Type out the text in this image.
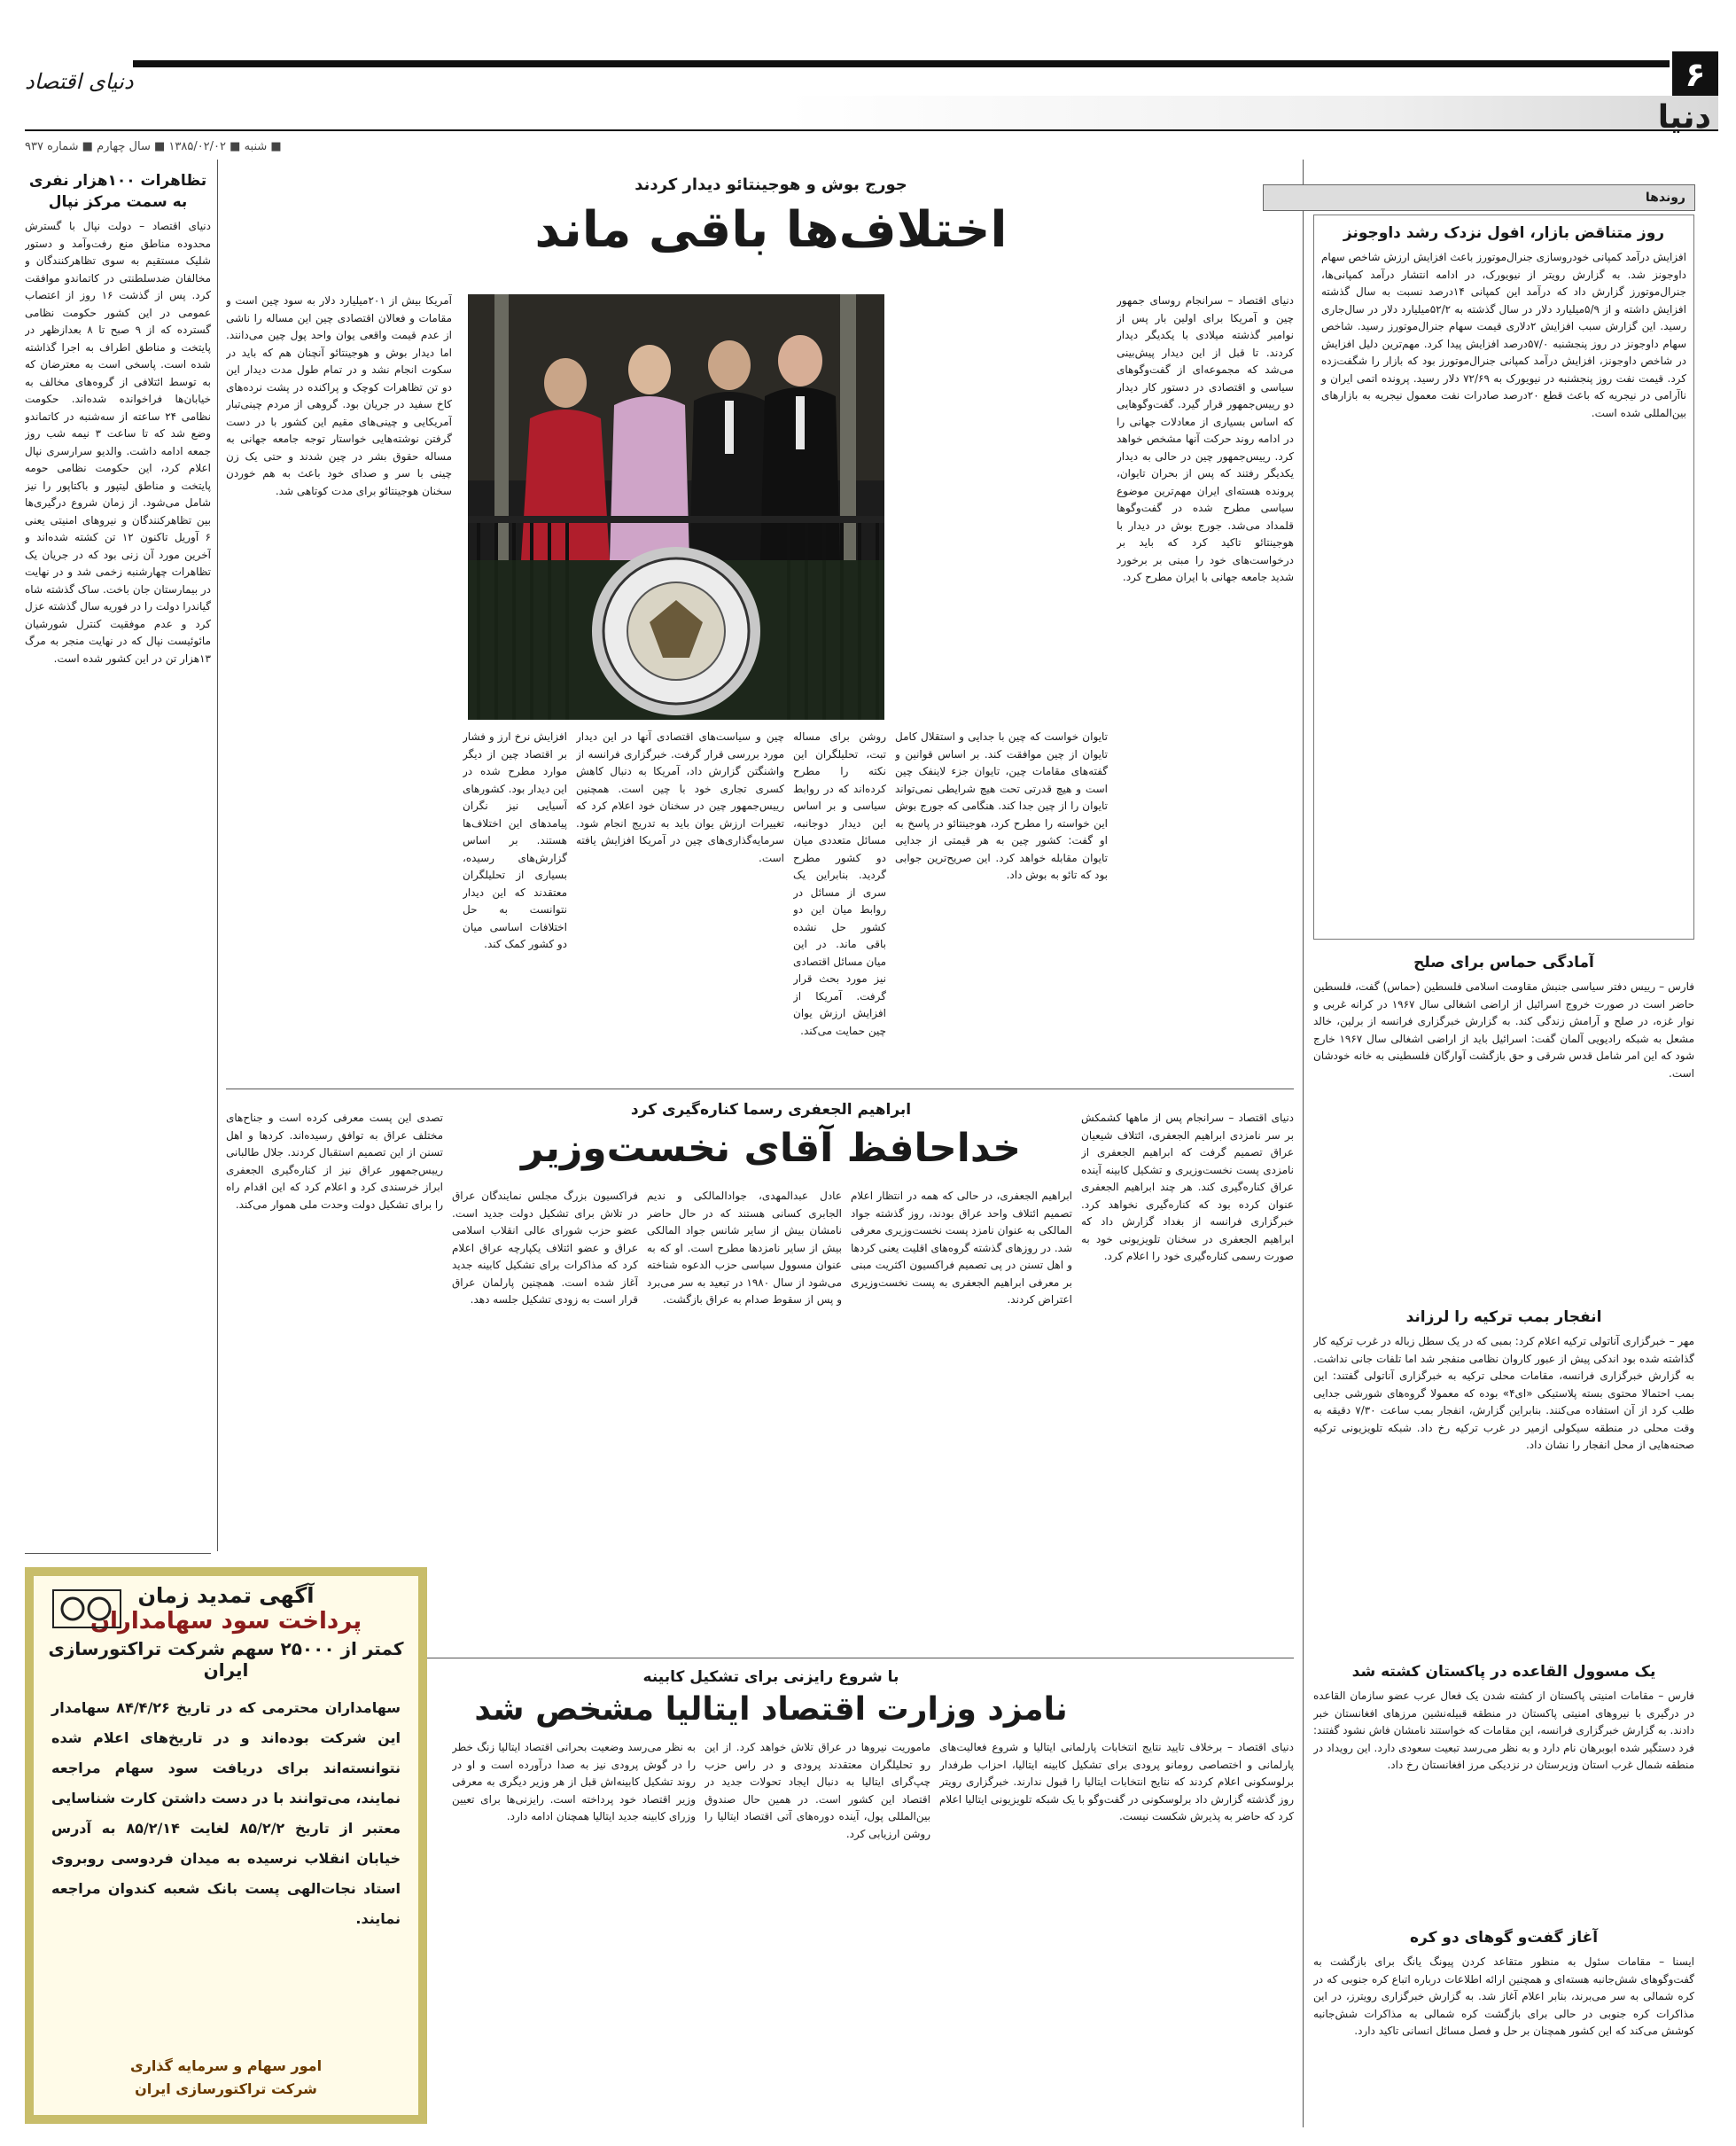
۶
دنیای اقتصاد
دنیا
■ شنبه ■ ۱۳۸۵/۰۲/۰۲ ■ سال چهارم ■ شماره ۹۳۷
جورج بوش و هوجینتائو دیدار کردند
اختلاف‌ها باقی ماند

دنیای اقتصاد – سرانجام روسای جمهور چین و آمریکا برای اولین بار پس از نوامبر گذشته میلادی با یکدیگر دیدار کردند. تا قبل از این دیدار پیش‌بینی می‌شد که مجموعه‌ای از گفت‌وگوهای سیاسی و اقتصادی در دستور کار دیدار دو رییس‌جمهور قرار گیرد. گفت‌وگوهایی که اساس بسیاری از معادلات جهانی را در ادامه روند حرکت آنها مشخص خواهد کرد. رییس‌جمهور چین در حالی به دیدار یکدیگر رفتند که پس از بحران تایوان، پرونده هسته‌ای ایران مهم‌ترین موضوع سیاسی مطرح شده در گفت‌وگوها قلمداد می‌شد. جورج بوش در دیدار با هوجینتائو تاکید کرد که باید بر درخواست‌های خود را مبنی بر برخورد شدید جامعه جهانی با ایران مطرح کرد.

آمریکا بیش از ۲۰۱میلیارد دلار به سود چین است و مقامات و فعالان اقتصادی چین این مساله را ناشی از عدم قیمت واقعی یوان واحد پول چین می‌دانند. اما دیدار بوش و هوجینتائو آنچنان هم که باید در سکوت انجام نشد و در تمام طول مدت دیدار این دو تن تظاهرات کوچک و پراکنده در پشت نرده‌های کاخ سفید در جریان بود. گروهی از مردم چینی‌تبار آمریکایی و چینی‌های مقیم این کشور با در دست گرفتن نوشته‌هایی خواستار توجه جامعه جهانی به مساله حقوق بشر در چین شدند و حتی یک زن چینی با سر و صدای خود باعث به هم خوردن سخنان هوجینتائو برای مدت کوتاهی شد.

تایوان خواست که چین با جدایی و استقلال کامل تایوان از چین موافقت کند. بر اساس قوانین و گفته‌های مقامات چین، تایوان جزء لاینفک چین است و هیچ قدرتی تحت هیچ شرایطی نمی‌تواند تایوان را از چین جدا کند. هنگامی که جورج بوش این خواسته را مطرح کرد، هوجینتائو در پاسخ به او گفت: کشور چین به هر قیمتی از جدایی تایوان مقابله خواهد کرد. این صریح‌ترین جوابی بود که تائو به بوش داد.

روشن برای مساله تبت، تحلیلگران این نکته را مطرح کرده‌اند که در روابط سیاسی و بر اساس این دیدار دوجانبه، مسائل متعددی میان دو کشور مطرح گردید. بنابراین یک سری از مسائل در روابط میان این دو کشور حل نشده باقی ماند. در این میان مسائل اقتصادی نیز مورد بحث قرار گرفت. آمریکا از افزایش ارزش یوان چین حمایت می‌کند.

چین و سیاست‌های اقتصادی آنها در این دیدار مورد بررسی قرار گرفت. خبرگزاری فرانسه از واشنگتن گزارش داد، آمریکا به دنبال کاهش کسری تجاری خود با چین است. همچنین رییس‌جمهور چین در سخنان خود اعلام کرد که تغییرات ارزش یوان باید به تدریج انجام شود. سرمایه‌گذاری‌های چین در آمریکا افزایش یافته است.

افزایش نرخ ارز و فشار بر اقتصاد چین از دیگر موارد مطرح شده در این دیدار بود. کشورهای آسیایی نیز نگران پیامدهای این اختلاف‌ها هستند. بر اساس گزارش‌های رسیده، بسیاری از تحلیلگران معتقدند که این دیدار نتوانست به حل اختلافات اساسی میان دو کشور کمک کند.

ابراهیم الجعفری رسما کناره‌گیری کرد
خداحافظ آقای نخست‌وزیر

دنیای اقتصاد – سرانجام پس از ماهها کشمکش بر سر نامزدی ابراهیم الجعفری، ائتلاف شیعیان عراق تصمیم گرفت که ابراهیم الجعفری از نامزدی پست نخست‌وزیری و تشکیل کابینه آینده عراق کناره‌گیری کند. هر چند ابراهیم الجعفری عنوان کرده بود که کناره‌گیری نخواهد کرد. خبرگزاری فرانسه از بغداد گزارش داد که ابراهیم الجعفری در سخنان تلویزیونی خود به صورت رسمی کناره‌گیری خود را اعلام کرد.

ابراهیم الجعفری، در حالی که همه در انتظار اعلام تصمیم ائتلاف واحد عراق بودند، روز گذشته جواد المالکی به عنوان نامزد پست نخست‌وزیری معرفی شد. در روزهای گذشته گروه‌های اقلیت یعنی کردها و اهل تسنن در پی تصمیم فراکسیون اکثریت مبنی بر معرفی ابراهیم الجعفری به پست نخست‌وزیری اعتراض کردند.

عادل عبدالمهدی، جوادالمالکی و ندیم الجابری کسانی هستند که در حال حاضر نامشان بیش از سایر شانس جواد المالکی بیش از سایر نامزدها مطرح است. او که به عنوان مسوول سیاسی حزب الدعوه شناخته می‌شود از سال ۱۹۸۰ در تبعید به سر می‌برد و پس از سقوط صدام به عراق بازگشت.

فراکسیون بزرگ مجلس نمایندگان عراق در تلاش برای تشکیل دولت جدید است. عضو حزب شورای عالی انقلاب اسلامی عراق و عضو ائتلاف یکپارچه عراق اعلام کرد که مذاکرات برای تشکیل کابینه جدید آغاز شده است. همچنین پارلمان عراق قرار است به زودی تشکیل جلسه دهد.

تصدی این پست معرفی کرده است و جناح‌های مختلف عراق به توافق رسیده‌اند. کردها و اهل تسنن از این تصمیم استقبال کردند. جلال طالبانی رییس‌جمهور عراق نیز از کناره‌گیری الجعفری ابراز خرسندی کرد و اعلام کرد که این اقدام راه را برای تشکیل دولت وحدت ملی هموار می‌کند.

با شروع رایزنی برای تشکیل کابینه
نامزد وزارت اقتصاد ایتالیا مشخص شد

دنیای اقتصاد – برخلاف تایید نتایج انتخابات پارلمانی ایتالیا و شروع فعالیت‌های پارلمانی و اختصاصی رومانو پرودی برای تشکیل کابینه ایتالیا، احزاب طرفدار برلوسکونی اعلام کردند که نتایج انتخابات ایتالیا را قبول ندارند. خبرگزاری رویتر روز گذشته گزارش داد برلوسکونی در گفت‌وگو با یک شبکه تلویزیونی ایتالیا اعلام کرد که حاضر به پذیرش شکست نیست.

ماموریت نیروها در عراق تلاش خواهد کرد. از این رو تحلیلگران معتقدند پرودی و در راس حزب چپ‌گرای ایتالیا به دنبال ایجاد تحولات جدید در اقتصاد این کشور است. در همین حال صندوق بین‌المللی پول، آینده دوره‌های آتی اقتصاد ایتالیا را روشن ارزیابی کرد.

به نظر می‌رسد وضعیت بحرانی اقتصاد ایتالیا زنگ خطر را در گوش پرودی نیز به صدا درآورده است و او در روند تشکیل کابینه‌اش قبل از هر وزیر دیگری به معرفی وزیر اقتصاد خود پرداخته است. رایزنی‌ها برای تعیین وزرای کابینه جدید ایتالیا همچنان ادامه دارد.

تظاهرات ۱۰۰هزار نفری به سمت مرکز نپال

دنیای اقتصاد – دولت نپال با گسترش محدوده مناطق منع رفت‌وآمد و دستور شلیک مستقیم به سوی تظاهرکنندگان و مخالفان ضدسلطنتی در کاتماندو موافقت کرد. پس از گذشت ۱۶ روز از اعتصاب عمومی در این کشور حکومت نظامی گسترده که از ۹ صبح تا ۸ بعدازظهر در پایتخت و مناطق اطراف به اجرا گذاشته شده است. پاسخی است به معترضان که به توسط ائتلافی از گروه‌های مخالف به خیابان‌ها فراخوانده شده‌اند. حکومت نظامی ۲۴ ساعته از سه‌شنبه در کاتماندو وضع شد که تا ساعت ۳ نیمه شب روز جمعه ادامه داشت. والدیو سرارسری نپال اعلام کرد، این حکومت نظامی حومه پایتخت و مناطق لیتپور و باکتاپور را نیز شامل می‌شود. از زمان شروع درگیری‌ها بین تظاهرکنندگان و نیروهای امنیتی یعنی ۶ آوریل تاکنون ۱۲ تن کشته شده‌اند و آخرین مورد آن زنی بود که در جریان یک تظاهرات چهارشنبه زخمی شد و در نهایت در بیمارستان جان باخت. ساک گذشته شاه گیاندرا دولت را در فوریه سال گذشته عزل کرد و عدم موفقیت کنترل شورشیان مائوئیست نپال که در نهایت منجر به مرگ ۱۳هزار تن در این کشور شده است.

آگهی تمدید زمان
پرداخت سود سهامداران
کمتر از ۲۵۰۰۰ سهم شرکت تراکتورسازی ایران
سهامداران محترمی که در تاریخ ۸۴/۴/۲۶ سهامدار این شرکت بوده‌اند و در تاریخ‌های اعلام شده نتوانسته‌اند برای دریافت سود سهام مراجعه نمایند، می‌توانند با در دست داشتن کارت شناسایی معتبر از تاریخ ۸۵/۲/۲ لغایت ۸۵/۲/۱۴ به آدرس خیابان انقلاب نرسیده به میدان فردوسی روبروی استاد نجات‌الهی پست بانک شعبه کندوان مراجعه نمایند.
امور سهام و سرمایه گذاری
شرکت تراکتورسازی ایران
روندها
روز متناقض بازار، افول نزدک رشد داوجونز

افزایش درآمد کمپانی خودروسازی جنرال‌موتورز باعث افزایش ارزش شاخص سهام داوجونز شد. به گزارش رویتر از نیویورک، در ادامه انتشار درآمد کمپانی‌ها، جنرال‌موتورز گزارش داد که درآمد این کمپانی ۱۴درصد نسبت به سال گذشته افزایش داشته و از ۵/۹میلیارد دلار در سال گذشته به ۵۲/۲میلیارد دلار در سال‌جاری رسید. این گزارش سبب افزایش ۲دلاری قیمت سهام جنرال‌موتورز رسید. شاخص سهام داوجونز در روز پنجشنبه ۵۷/۰درصد افزایش پیدا کرد. مهم‌ترین دلیل افزایش در شاخص داوجونز، افزایش درآمد کمپانی جنرال‌موتورز بود که بازار را شگفت‌زده کرد. قیمت نفت روز پنجشنبه در نیویورک به ۷۲/۶۹ دلار رسید. پرونده اتمی ایران و ناآرامی در نیجریه که باعث قطع ۲۰درصد صادرات نفت معمول نیجریه به بازارهای بین‌المللی شده است.

آمادگی حماس برای صلح

فارس – رییس دفتر سیاسی جنبش مقاومت اسلامی فلسطین (حماس) گفت، فلسطین حاضر است در صورت خروج اسرائیل از اراضی اشغالی سال ۱۹۶۷ در کرانه غربی و نوار غزه، در صلح و آرامش زندگی کند. به گزارش خبرگزاری فرانسه از برلین، خالد مشعل به شبکه رادیویی آلمان گفت: اسرائیل باید از اراضی اشغالی سال ۱۹۶۷ خارج شود که این امر شامل قدس شرقی و حق بازگشت آوارگان فلسطینی به خانه خودشان است.

انفجار بمب ترکیه را لرزاند

مهر – خبرگزاری آناتولی ترکیه اعلام کرد: بمبی که در یک سطل زباله در غرب ترکیه کار گذاشته شده بود اندکی پیش از عبور کاروان نظامی منفجر شد اما تلفات جانی نداشت. به گزارش خبرگزاری فرانسه، مقامات محلی ترکیه به خبرگزاری آناتولی گفتند: این بمب احتمالا محتوی بسته پلاستیکی «ای‌۴» بوده که معمولا گروه‌های شورشی جدایی طلب کرد از آن استفاده می‌کنند. بنابراین گزارش، انفجار بمب ساعت ۷/۳۰ دقیقه به وقت محلی در منطقه سیکولی ازمیر در غرب ترکیه رخ داد. شبکه تلویزیونی ترکیه صحنه‌هایی از محل انفجار را نشان داد.

یک مسوول القاعده در پاکستان کشته شد

فارس – مقامات امنیتی پاکستان از کشته شدن یک فعال عرب عضو سازمان القاعده در درگیری با نیروهای امنیتی پاکستان در منطقه قبیله‌نشین مرزهای افغانستان خبر دادند. به گزارش خبرگزاری فرانسه، این مقامات که خواستند نامشان فاش نشود گفتند: فرد دستگیر شده ابوبرهان نام دارد و به نظر می‌رسد تبعیت سعودی دارد. این رویداد در منطقه شمال غرب استان وزیرستان در نزدیکی مرز افغانستان رخ داد.

آغاز گفت‌و گوهای دو کره

ایسنا – مقامات سئول به منظور متقاعد کردن پیونگ یانگ برای بازگشت به گفت‌وگوهای شش‌جانبه هسته‌ای و همچنین ارائه اطلاعات درباره اتباع کره جنوبی که در کره شمالی به سر می‌برند، بنابر اعلام آغاز شد. به گزارش خبرگزاری رویترز، در این مذاکرات کره جنوبی در حالی برای بازگشت کره شمالی به مذاکرات شش‌جانبه کوشش می‌کند که این کشور همچنان بر حل و فصل مسائل انسانی تاکید دارد.
